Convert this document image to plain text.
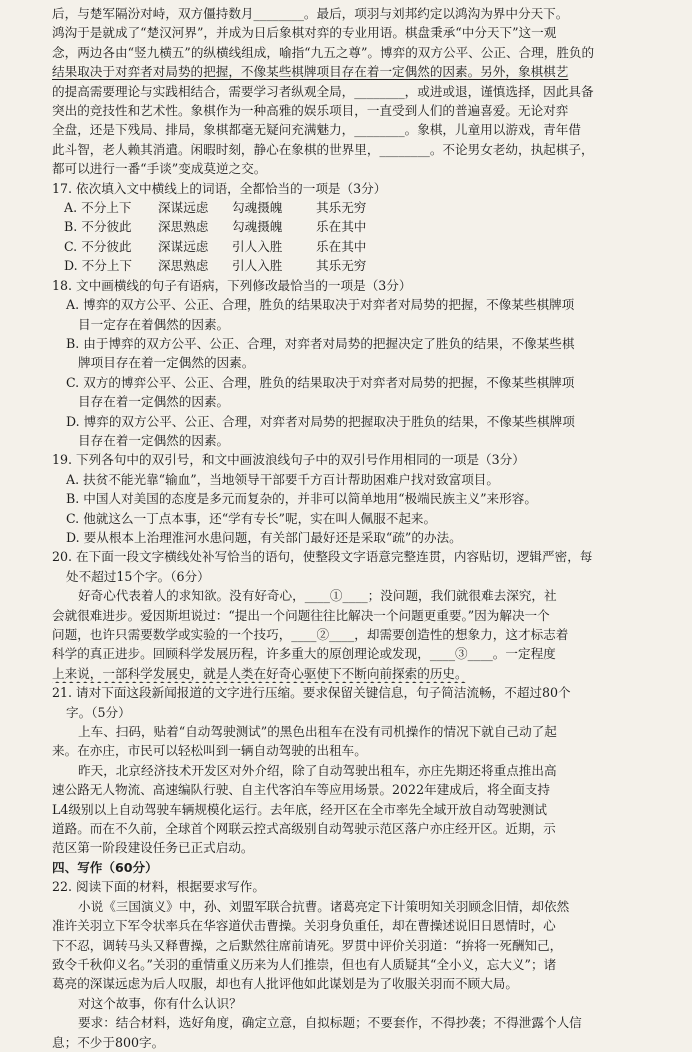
后，与楚军隔汾对峙，双方僵持数月________。最后，项羽与刘邦约定以鸿沟为界中分天下。

鸿沟于是就成了“楚汉河界”，并成为日后象棋对弈的专业用语。棋盘秉承“中分天下”这一观

念，两边各由“竖九横五”的纵横线组成，喻指“九五之尊”。博弈的双方公平、公正、合理，胜负的

结果取决于对弈者对局势的把握，不像某些棋牌项目存在着一定偶然的因素。另外，象棋棋艺

的提高需要理论与实践相结合，需要学习者纵观全局，________，或进或退，谨慎选择，因此具备

突出的竞技性和艺术性。象棋作为一种高雅的娱乐项目，一直受到人们的普遍喜爱。无论对弈

全盘，还是下残局、排局，象棋都毫无疑问充满魅力，________。象棋，儿童用以游戏，青年借

此斗智，老人赖其消遣。闲暇时刻，静心在象棋的世界里，________。不论男女老幼，执起棋子，

都可以进行一番“手谈”变成莫逆之交。

17. 依次填入文中横线上的词语，全都恰当的一项是（3分）

A. 不分上下	深谋远虑	勾魂摄魄	其乐无穷
B. 不分彼此	深思熟虑	勾魂摄魄	乐在其中
C. 不分彼此	深谋远虑	引人入胜	乐在其中
D. 不分上下	深思熟虑	引人入胜	其乐无穷

18. 文中画横线的句子有语病，下列修改最恰当的一项是（3分）

A. 博弈的双方公平、公正、合理，胜负的结果取决于对弈者对局势的把握，不像某些棋牌项

目一定存在着偶然的因素。

B. 由于博弈的双方公平、公正、合理，对弈者对局势的把握决定了胜负的结果，不像某些棋

牌项目存在着一定偶然的因素。

C. 双方的博弈公平、公正、合理，胜负的结果取决于对弈者对局势的把握，不像某些棋牌项

目存在着一定偶然的因素。

D. 博弈的双方公平、公正、合理，对弈者对局势的把握取决于胜负的结果，不像某些棋牌项

目存在着一定偶然的因素。

19. 下列各句中的双引号，和文中画波浪线句子中的双引号作用相同的一项是（3分）

A. 扶贫不能光靠“输血”，当地领导干部要千方百计帮助困难户找对致富项目。

B. 中国人对美国的态度是多元而复杂的，并非可以简单地用“极端民族主义”来形容。

C. 他就这么一丁点本事，还“学有专长”呢，实在叫人佩服不起来。

D. 要从根本上治理淮河水患问题，有关部门最好还是采取“疏”的办法。

20. 在下面一段文字横线处补写恰当的语句，使整段文字语意完整连贯，内容贴切，逻辑严密，每

处不超过15个字。（6分）

好奇心代表着人的求知欲。没有好奇心，____①____；没问题，我们就很难去深究，社

会就很难进步。爱因斯坦说过：“提出一个问题往往比解决一个问题更重要。”因为解决一个

问题，也许只需要数学或实验的一个技巧，____②____，却需要创造性的想象力，这才标志着

科学的真正进步。回顾科学发展历程，许多重大的原创理论或发现，____③____。一定程度

上来说，一部科学发展史，就是人类在好奇心驱使下不断向前探索的历史。

21. 请对下面这段新闻报道的文字进行压缩。要求保留关键信息，句子简洁流畅，不超过80个

字。（5分）

上车、扫码，贴着“自动驾驶测试”的黑色出租车在没有司机操作的情况下就自己动了起

来。在亦庄，市民可以轻松叫到一辆自动驾驶的出租车。

昨天，北京经济技术开发区对外介绍，除了自动驾驶出租车，亦庄先期还将重点推出高

速公路无人物流、高速编队行驶、自主代客泊车等应用场景。2022年建成后，将全面支持

L4级别以上自动驾驶车辆规模化运行。去年底，经开区在全市率先全域开放自动驾驶测试

道路。而在不久前，全球首个网联云控式高级别自动驾驶示范区落户亦庄经开区。近期，示

范区第一阶段建设任务已正式启动。

四、写作（60分）

22. 阅读下面的材料，根据要求写作。

小说《三国演义》中，孙、刘盟军联合抗曹。诸葛亮定下计策明知关羽顾念旧情，却依然

准许关羽立下军令状率兵在华容道伏击曹操。关羽身负重任，却在曹操述说旧日恩情时，心

下不忍，调转马头又释曹操，之后默然往席前请死。罗贯中评价关羽道：“拚将一死酬知己，

致令千秋仰义名。”关羽的重情重义历来为人们推崇，但也有人质疑其“全小义，忘大义”；诸

葛亮的深谋远虑为后人叹服，却也有人批评他如此谋划是为了收服关羽而不顾大局。

对这个故事，你有什么认识？

要求：结合材料，选好角度，确定立意，自拟标题；不要套作，不得抄袭；不得泄露个人信

息；不少于800字。
